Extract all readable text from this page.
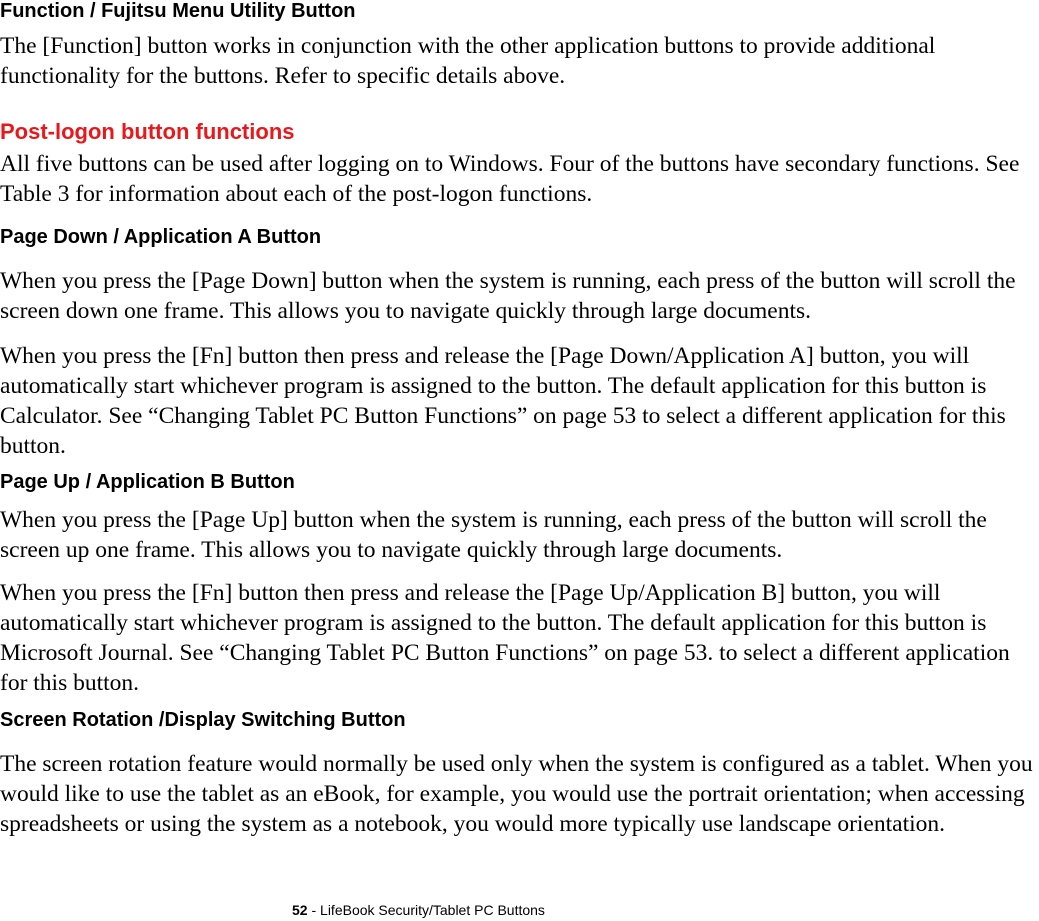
Function / Fujitsu Menu Utility Button

The [Function] button works in conjunction with the other application buttons to provide additional functionality for the buttons. Refer to specific details above.

Post-logon button functions

All five buttons can be used after logging on to Windows. Four of the buttons have secondary functions. See Table 3 for information about each of the post-logon functions.

Page Down / Application A Button

When you press the [Page Down] button when the system is running, each press of the button will scroll the screen down one frame. This allows you to navigate quickly through large documents.

When you press the [Fn] button then press and release the [Page Down/Application A] button, you will automatically start whichever program is assigned to the button. The default application for this button is Calculator. See “Changing Tablet PC Button Functions” on page 53 to select a different application for this button.

Page Up / Application B Button

When you press the [Page Up] button when the system is running, each press of the button will scroll the screen up one frame. This allows you to navigate quickly through large documents.

When you press the [Fn] button then press and release the [Page Up/Application B] button, you will automatically start whichever program is assigned to the button. The default application for this button is Microsoft Journal. See “Changing Tablet PC Button Functions” on page 53. to select a different application for this button.

Screen Rotation /Display Switching Button

The screen rotation feature would normally be used only when the system is configured as a tablet. When you would like to use the tablet as an eBook, for example, you would use the portrait orientation; when accessing spreadsheets or using the system as a notebook, you would more typically use landscape orientation.

52 - LifeBook Security/Tablet PC Buttons
